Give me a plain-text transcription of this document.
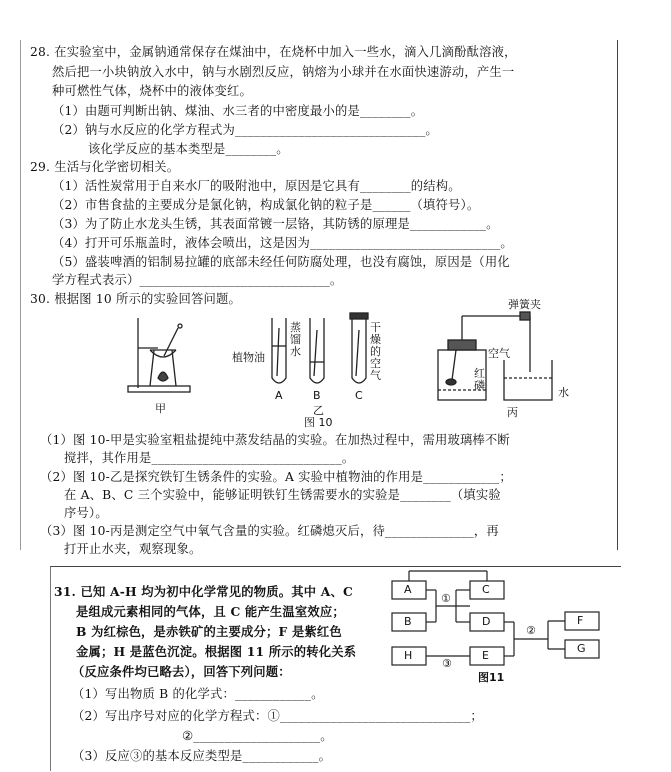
28. 在实验室中，金属钠通常保存在煤油中，在烧杯中加入一些水，滴入几滴酚酞溶液，
然后把一小块钠放入水中，钠与水剧烈反应，钠熔为小球并在水面快速游动，产生一
种可燃性气体，烧杯中的液体变红。
（1）由题可判断出钠、煤油、水三者的中密度最小的是________。
（2）钠与水反应的化学方程式为______________________________。
该化学反应的基本类型是________。
29. 生活与化学密切相关。
（1）活性炭常用于自来水厂的吸附池中，原因是它具有________的结构。
（2）市售食盐的主要成分是氯化钠，构成氯化钠的粒子是______（填符号）。
（3）为了防止水龙头生锈，其表面常镀一层铬，其防锈的原理是____________。
（4）打开可乐瓶盖时，液体会喷出，这是因为______________________________。
（5）盛装啤酒的铝制易拉罐的底部未经任何防腐处理，也没有腐蚀，原因是（用化
学方程式表示）______________________________。
30. 根据图 10 所示的实验回答问题。
甲
植物油
蒸馏水
干燥的空气
A	B	C
乙
图 10
弹簧夹
空气
红磷
水
丙
（1）图 10-甲是实验室粗盐提纯中蒸发结晶的实验。在加热过程中，需用玻璃棒不断
搅拌，其作用是______________________________。
（2）图 10-乙是探究铁钉生锈条件的实验。A 实验中植物油的作用是____________；
在 A、B、C 三个实验中，能够证明铁钉生锈需要水的实验是________（填实验
序号）。
（3）图 10-丙是测定空气中氧气含量的实验。红磷熄灭后，待______________，再
打开止水夹，观察现象。
31. 已知 A-H 均为初中化学常见的物质。其中 A、C
是组成元素相同的气体，且 C 能产生温室效应；
B 为红棕色，是赤铁矿的主要成分；F 是紫红色
金属；H 是蓝色沉淀。根据图 11 所示的转化关系
（反应条件均已略去），回答下列问题：
（1）写出物质 B 的化学式：____________。
（2）写出序号对应的化学方程式：①______________________________；
②____________________。
（3）反应③的基本反应类型是____________。
A
B
C
D
E
F
G
H
①
②
③
图11
